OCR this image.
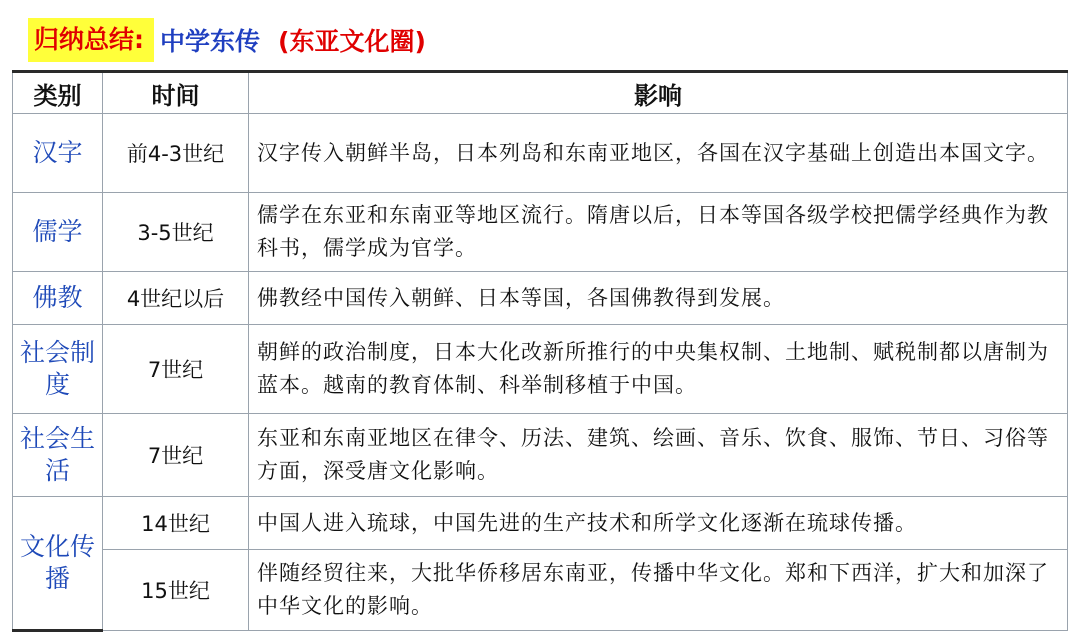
归纳总结: 中学东传 (东亚文化圈)
类别	时间	影响
汉字	前4-3世纪	汉字传入朝鲜半岛，日本列岛和东南亚地区，各国在汉字基础上创造出本国文字。
儒学	3-5世纪	儒学在东亚和东南亚等地区流行。隋唐以后，日本等国各级学校把儒学经典作为教科书，儒学成为官学。
佛教	4世纪以后	佛教经中国传入朝鲜、日本等国，各国佛教得到发展。
社会制度	7世纪	朝鲜的政治制度，日本大化改新所推行的中央集权制、土地制、赋税制都以唐制为蓝本。越南的教育体制、科举制移植于中国。
社会生活	7世纪	东亚和东南亚地区在律令、历法、建筑、绘画、音乐、饮食、服饰、节日、习俗等方面，深受唐文化影响。
文化传播	14世纪	中国人进入琉球，中国先进的生产技术和所学文化逐渐在琉球传播。
	15世纪	伴随经贸往来，大批华侨移居东南亚，传播中华文化。郑和下西洋，扩大和加深了中华文化的影响。
